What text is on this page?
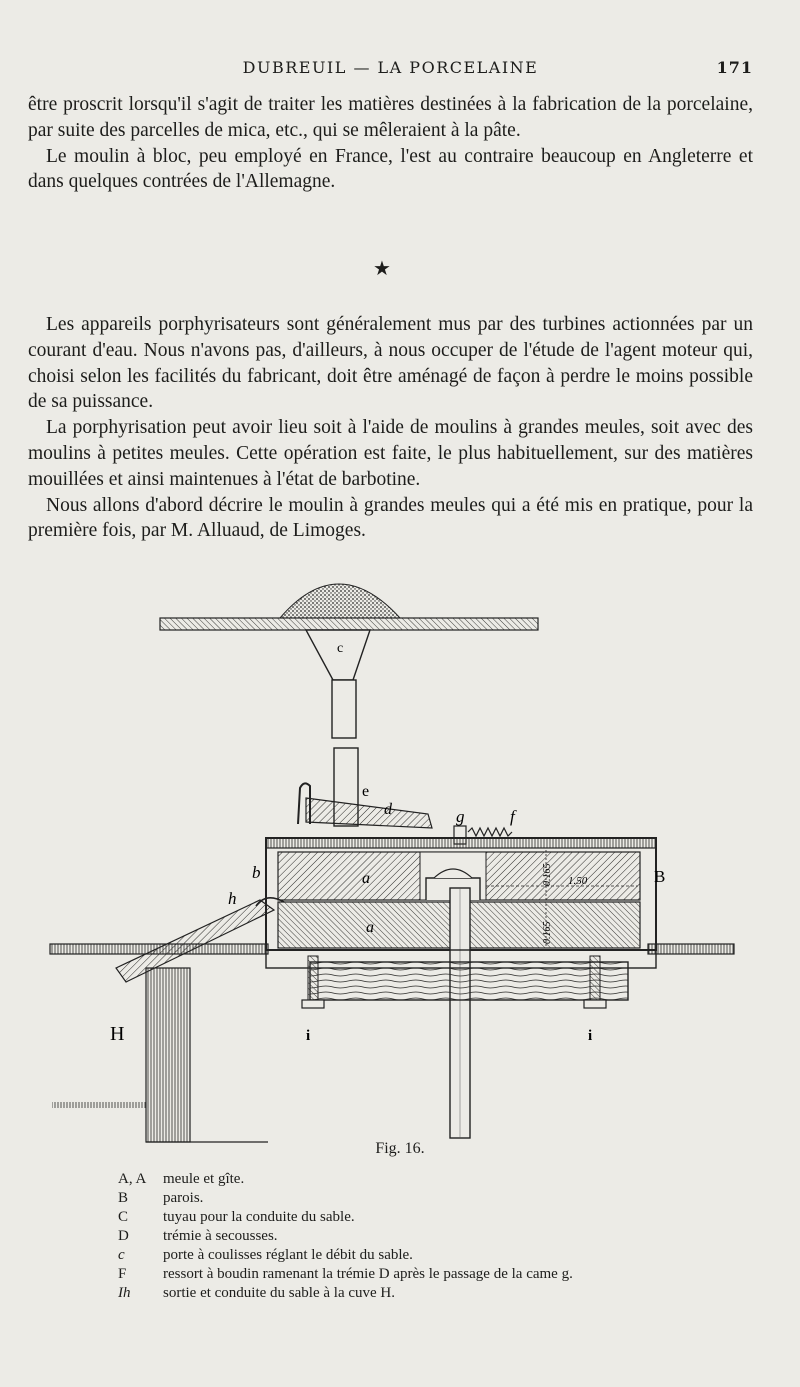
DUBREUIL — LA PORCELAINE	171

être proscrit lorsqu'il s'agit de traiter les matières destinées à la fabrication de la porcelaine, par suite des parcelles de mica, etc., qui se mêleraient à la pâte.

Le moulin à bloc, peu employé en France, l'est au contraire beaucoup en Angleterre et dans quelques contrées de l'Allemagne.

★

Les appareils porphyrisateurs sont généralement mus par des turbines actionnées par un courant d'eau. Nous n'avons pas, d'ailleurs, à nous occuper de l'étude de l'agent moteur qui, choisi selon les facilités du fabricant, doit être aménagé de façon à perdre le moins possible de sa puissance.

La porphyrisation peut avoir lieu soit à l'aide de moulins à grandes meules, soit avec des moulins à petites meules. Cette opération est faite, le plus habituellement, sur des matières mouillées et ainsi maintenues à l'état de barbotine.

Nous allons d'abord décrire le moulin à grandes meules qui a été mis en pratique, pour la première fois, par M. Alluaud, de Limoges.

c
e
d	g	f
a
a
0.165
0.165
1.50
b	B
h
i	i
H
Fig. 16.
A, A	meule et gîte.
B	parois.
C	tuyau pour la conduite du sable.
D	trémie à secousses.
c	porte à coulisses réglant le débit du sable.
F	ressort à boudin ramenant la trémie D après le passage de la came g.
Ih	sortie et conduite du sable à la cuve H.
